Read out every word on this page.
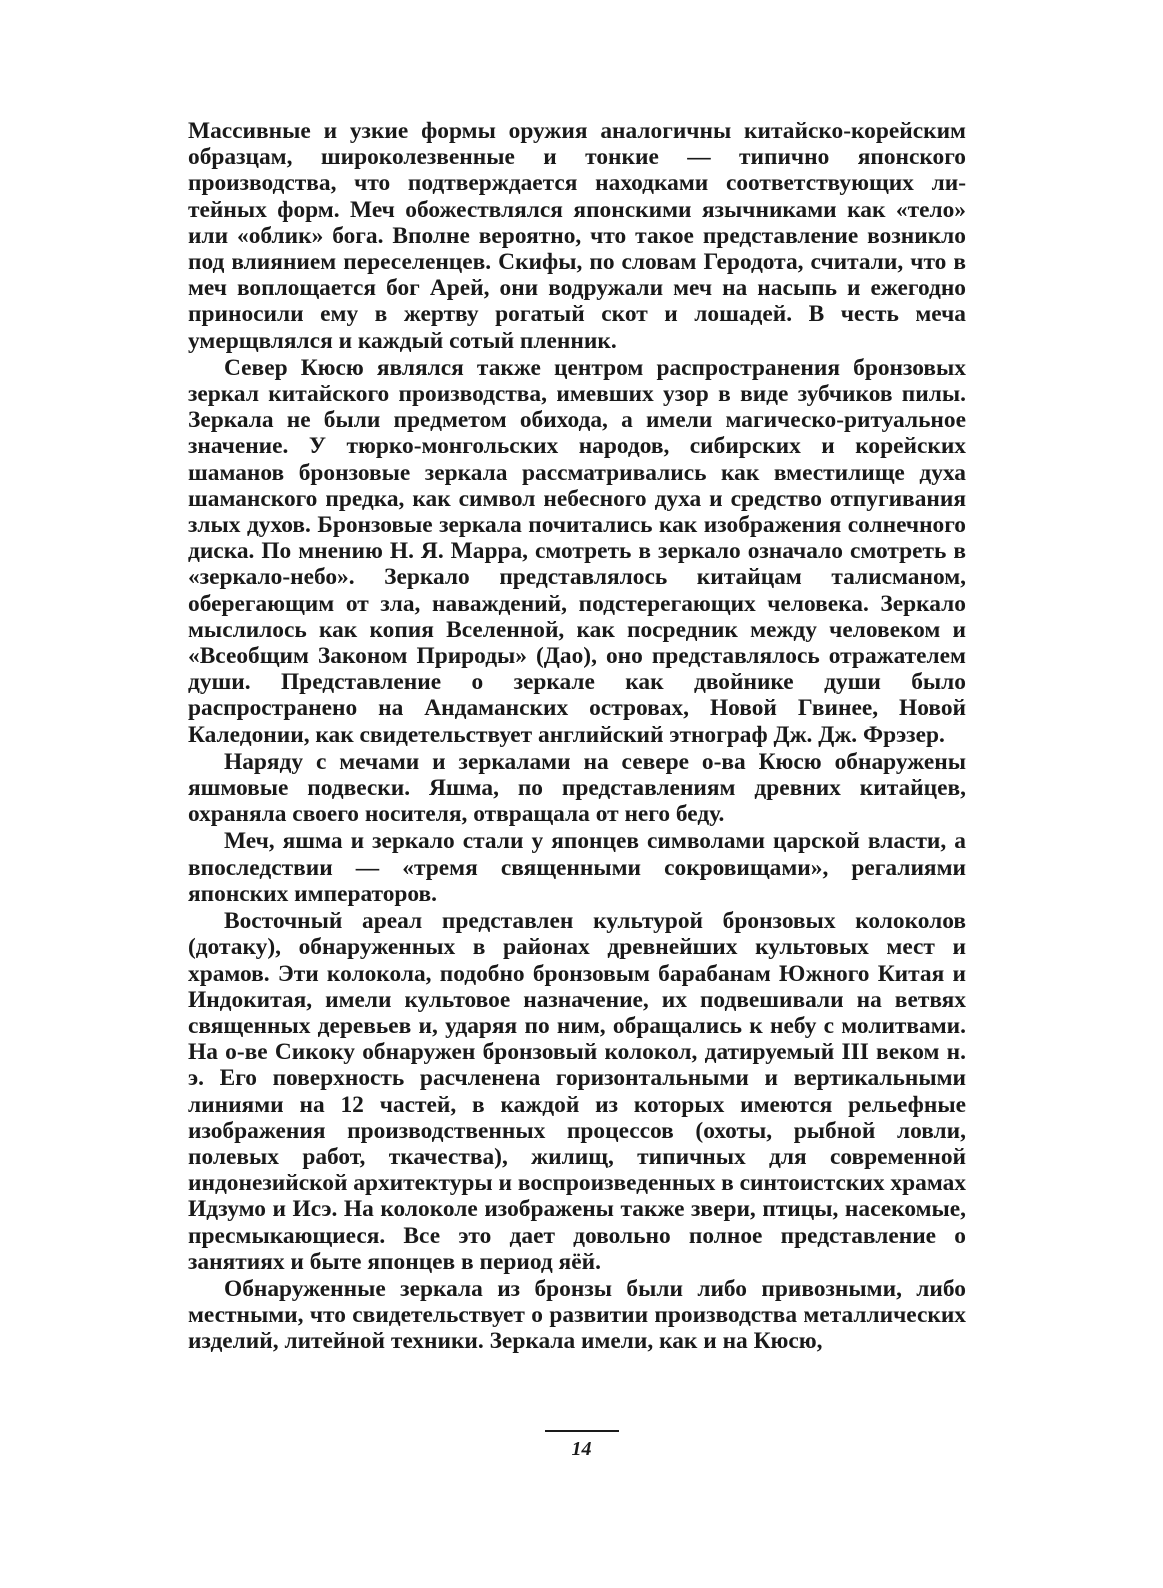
Массивные и узкие формы оружия аналогичны китайско-корейским образцам, широколезвенные и тонкие — типично японского производства, что подтверждается находками соответствующих литейных форм. Меч обожествлялся японскими язычниками как «тело» или «облик» бога. Вполне вероятно, что такое представление возникло под влиянием переселенцев. Скифы, по словам Геродота, считали, что в меч воплощается бог Арей, они водружали меч на насыпь и ежегодно приносили ему в жертву рогатый скот и лошадей. В честь меча умерщвлялся и каждый сотый пленник.

Север Кюсю являлся также центром распространения бронзовых зеркал китайского производства, имевших узор в виде зубчиков пилы. Зеркала не были предметом обихода, а имели магическо-ритуальное значение. У тюрко-монгольских народов, сибирских и корейских шаманов бронзовые зеркала рассматривались как вместилище духа шаманского предка, как символ небесного духа и средство отпугивания злых духов. Бронзовые зеркала почитались как изображения солнечного диска. По мнению Н. Я. Марра, смотреть в зеркало означало смотреть в «зеркало-небо». Зеркало представлялось китайцам талисманом, оберегающим от зла, наваждений, подстерегающих человека. Зеркало мыслилось как копия Вселенной, как посредник между человеком и «Всеобщим Законом Природы» (Дао), оно представлялось отражателем души. Представление о зеркале как двойнике души было распространено на Андаманских островах, Новой Гвинее, Новой Каледонии, как свидетельствует английский этнограф Дж. Дж. Фрэзер.

Наряду с мечами и зеркалами на севере о-ва Кюсю обнаружены яшмовые подвески. Яшма, по представлениям древних китайцев, охраняла своего носителя, отвращала от него беду.

Меч, яшма и зеркало стали у японцев символами царской власти, а впоследствии — «тремя священными сокровищами», регалиями японских императоров.

Восточный ареал представлен культурой бронзовых колоколов (дотаку), обнаруженных в районах древнейших культовых мест и храмов. Эти колокола, подобно бронзовым барабанам Южного Китая и Индокитая, имели культовое назначение, их подвешивали на ветвях священных деревьев и, ударяя по ним, обращались к небу с молитвами. На о-ве Сикоку обнаружен бронзовый колокол, датируемый III веком н. э. Его поверхность расчленена горизонтальными и вертикальными линиями на 12 частей, в каждой из которых имеются рельефные изображения производственных процессов (охоты, рыбной ловли, полевых работ, ткачества), жилищ, типичных для современной индонезийской архитектуры и воспроизведенных в синтоистских храмах Идзумо и Исэ. На колоколе изображены также звери, птицы, насекомые, пресмыкающиеся. Все это дает довольно полное представление о занятиях и быте японцев в период яёй.

Обнаруженные зеркала из бронзы были либо привозными, либо местными, что свидетельствует о развитии производства металлических изделий, литейной техники. Зеркала имели, как и на Кюсю,

14
